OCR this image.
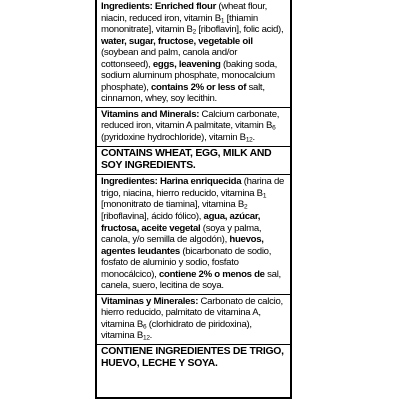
Ingredients: Enriched flour (wheat flour, niacin, reduced iron, vitamin $B_1$ [thiamin mononitrate], vitamin $B_2$ [riboflavin], folic acid), water, sugar, fructose, vegetable oil (soybean and palm, canola and/or cottonseed), eggs, leavening (baking soda, sodium aluminum phosphate, monocalcium phosphate), contains 2% or less of salt, cinnamon, whey, soy lecithin.

Vitamins and Minerals: Calcium carbonate, reduced iron, vitamin A palmitate, vitamin $B_6$ (pyridoxine hydrochloride), vitamin $B_{12}$.

CONTAINS WHEAT, EGG, MILK AND SOY INGREDIENTS.

Ingredientes: Harina enriquecida (harina de trigo, niacina, hierro reducido, vitamina $B_1$ [mononitrato de tiamina], vitamina $B_2$ [riboflavina], ácido fólico), agua, azúcar, fructosa, aceite vegetal (soya y palma, canola, y/o semilla de algodón), huevos, agentes leudantes (bicarbonato de sodio, fosfato de aluminio y sodio, fosfato monocálcico), contiene 2% o menos de sal, canela, suero, lecitina de soya.

Vitaminas y Minerales: Carbonato de calcio, hierro reducido, palmitato de vitamina A, vitamina $B_6$ (clorhidrato de piridoxina), vitamina $B_{12}$.

CONTIENE INGREDIENTES DE TRIGO, HUEVO, LECHE Y SOYA.
